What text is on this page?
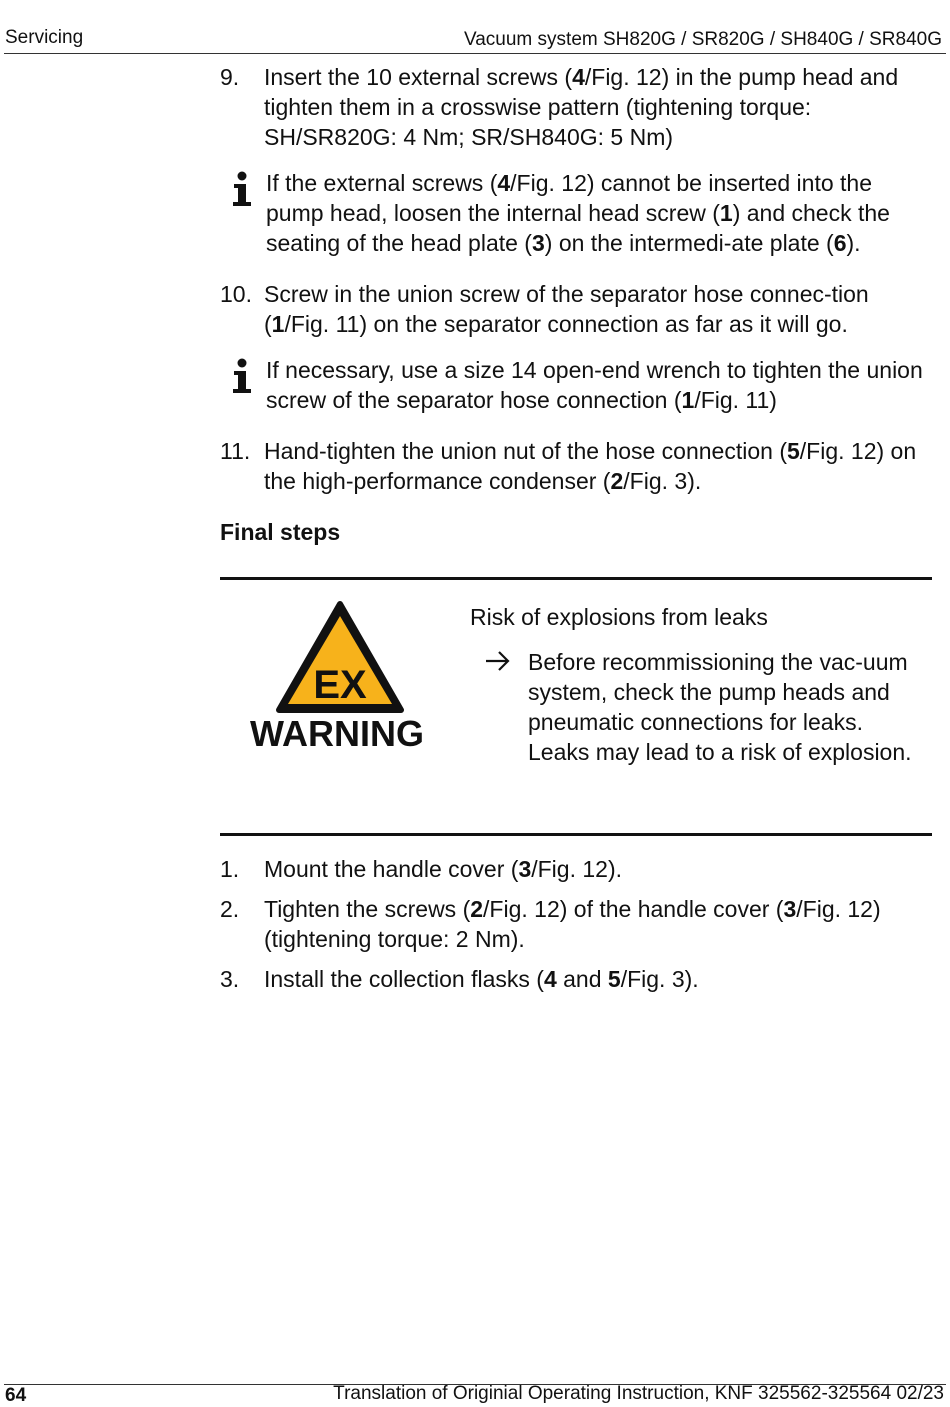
Servicing	Vacuum system SH820G / SR820G / SH840G / SR840G
9. Insert the 10 external screws (4/Fig. 12) in the pump head and tighten them in a crosswise pattern (tightening torque: SH/SR820G: 4 Nm; SR/SH840G: 5 Nm)
If the external screws (4/Fig. 12) cannot be inserted into the pump head, loosen the internal head screw (1) and check the seating of the head plate (3) on the intermedi-ate plate (6).
10. Screw in the union screw of the separator hose connec-tion (1/Fig. 11) on the separator connection as far as it will go.
If necessary, use a size 14 open-end wrench to tighten the union screw of the separator hose connection (1/Fig. 11)
11. Hand-tighten the union nut of the hose connection (5/Fig. 12) on the high-performance condenser (2/Fig. 3).
Final steps
EX
WARNING
Risk of explosions from leaks
Before recommissioning the vac-uum system, check the pump heads and pneumatic connections for leaks. Leaks may lead to a risk of explosion.
1. Mount the handle cover (3/Fig. 12).
2. Tighten the screws (2/Fig. 12) of the handle cover (3/Fig. 12) (tightening torque: 2 Nm).
3. Install the collection flasks (4 and 5/Fig. 3).
64	Translation of Originial Operating Instruction, KNF 325562-325564 02/23
